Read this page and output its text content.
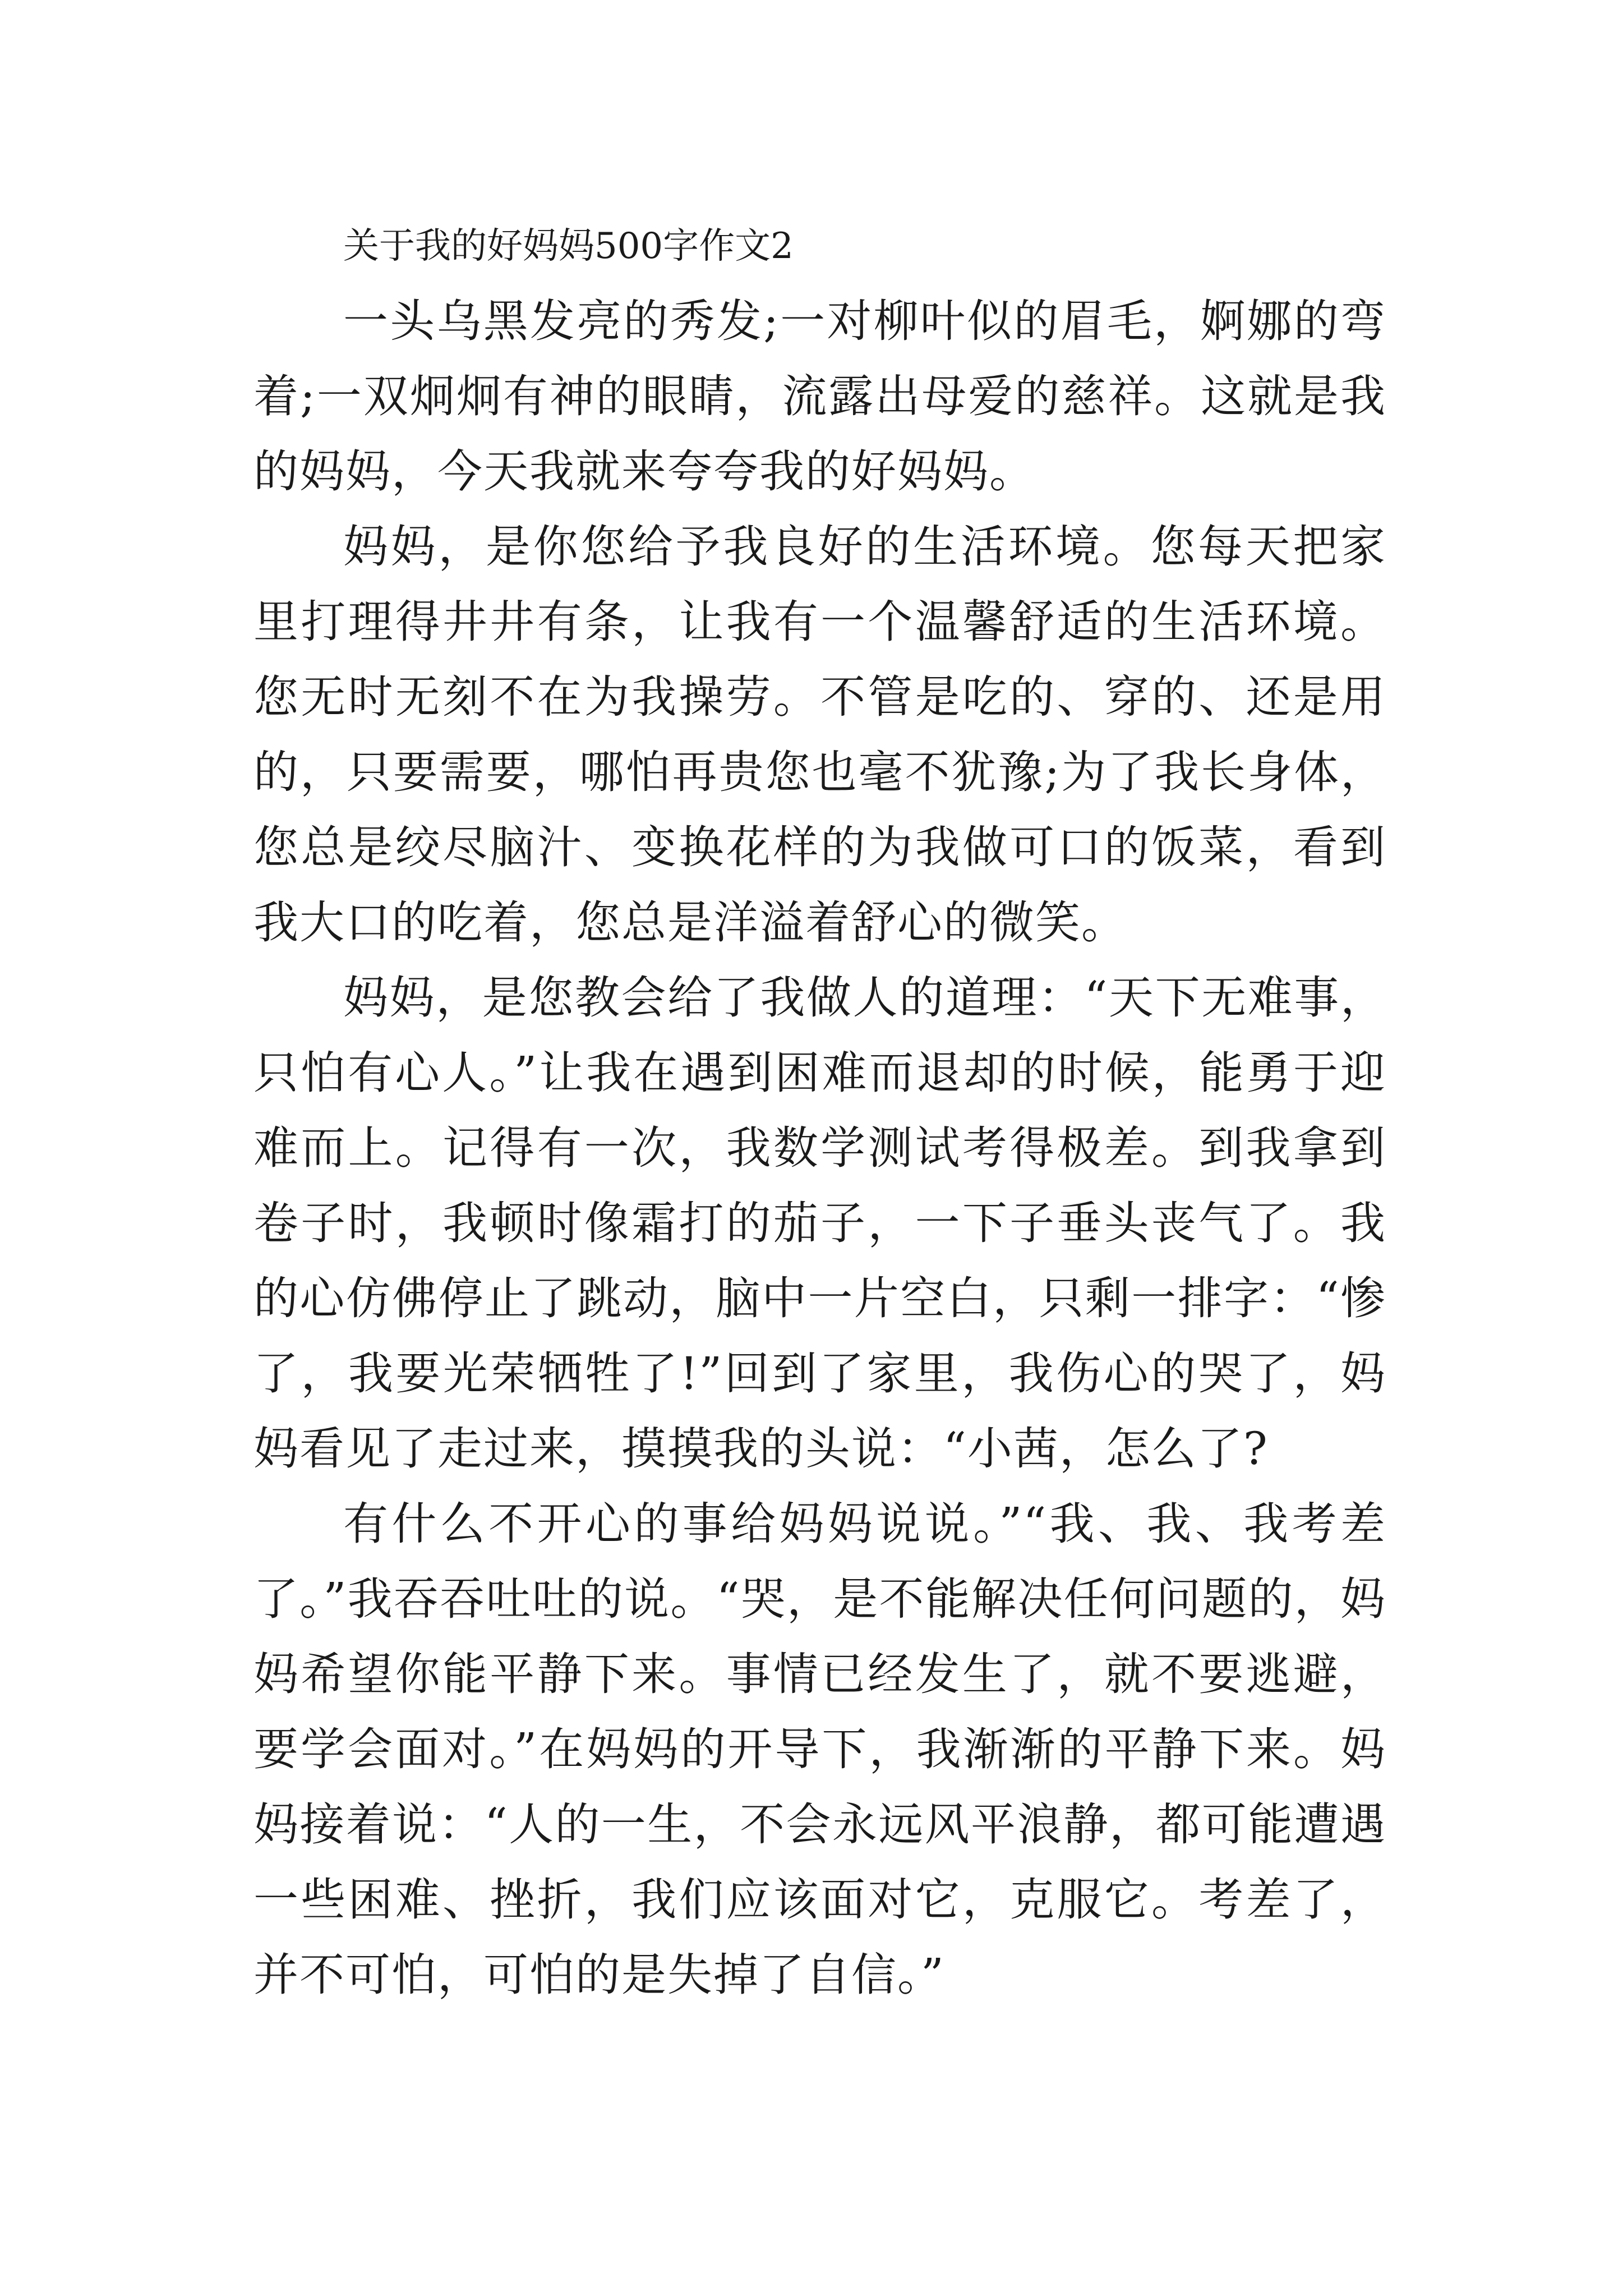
关于我的好妈妈500字作文2

一头乌黑发亮的秀发;一对柳叶似的眉毛，婀娜的弯着;一双炯炯有神的眼睛，流露出母爱的慈祥。这就是我的妈妈，今天我就来夸夸我的好妈妈。

妈妈，是你您给予我良好的生活环境。您每天把家里打理得井井有条，让我有一个温馨舒适的生活环境。您无时无刻不在为我操劳。不管是吃的、穿的、还是用的，只要需要，哪怕再贵您也毫不犹豫;为了我长身体，您总是绞尽脑汁、变换花样的为我做可口的饭菜，看到我大口的吃着，您总是洋溢着舒心的微笑。

妈妈，是您教会给了我做人的道理：“天下无难事，只怕有心人。”让我在遇到困难而退却的时候，能勇于迎难而上。记得有一次，我数学测试考得极差。到我拿到卷子时，我顿时像霜打的茄子，一下子垂头丧气了。我的心仿佛停止了跳动，脑中一片空白，只剩一排字：“惨了，我要光荣牺牲了!”回到了家里，我伤心的哭了，妈妈看见了走过来，摸摸我的头说：“小茜，怎么了?

有什么不开心的事给妈妈说说。”“我、我、我考差了。”我吞吞吐吐的说。“哭，是不能解决任何问题的，妈妈希望你能平静下来。事情已经发生了，就不要逃避，要学会面对。”在妈妈的开导下，我渐渐的平静下来。妈妈接着说：“人的一生，不会永远风平浪静，都可能遭遇一些困难、挫折，我们应该面对它，克服它。考差了，并不可怕，可怕的是失掉了自信。”
